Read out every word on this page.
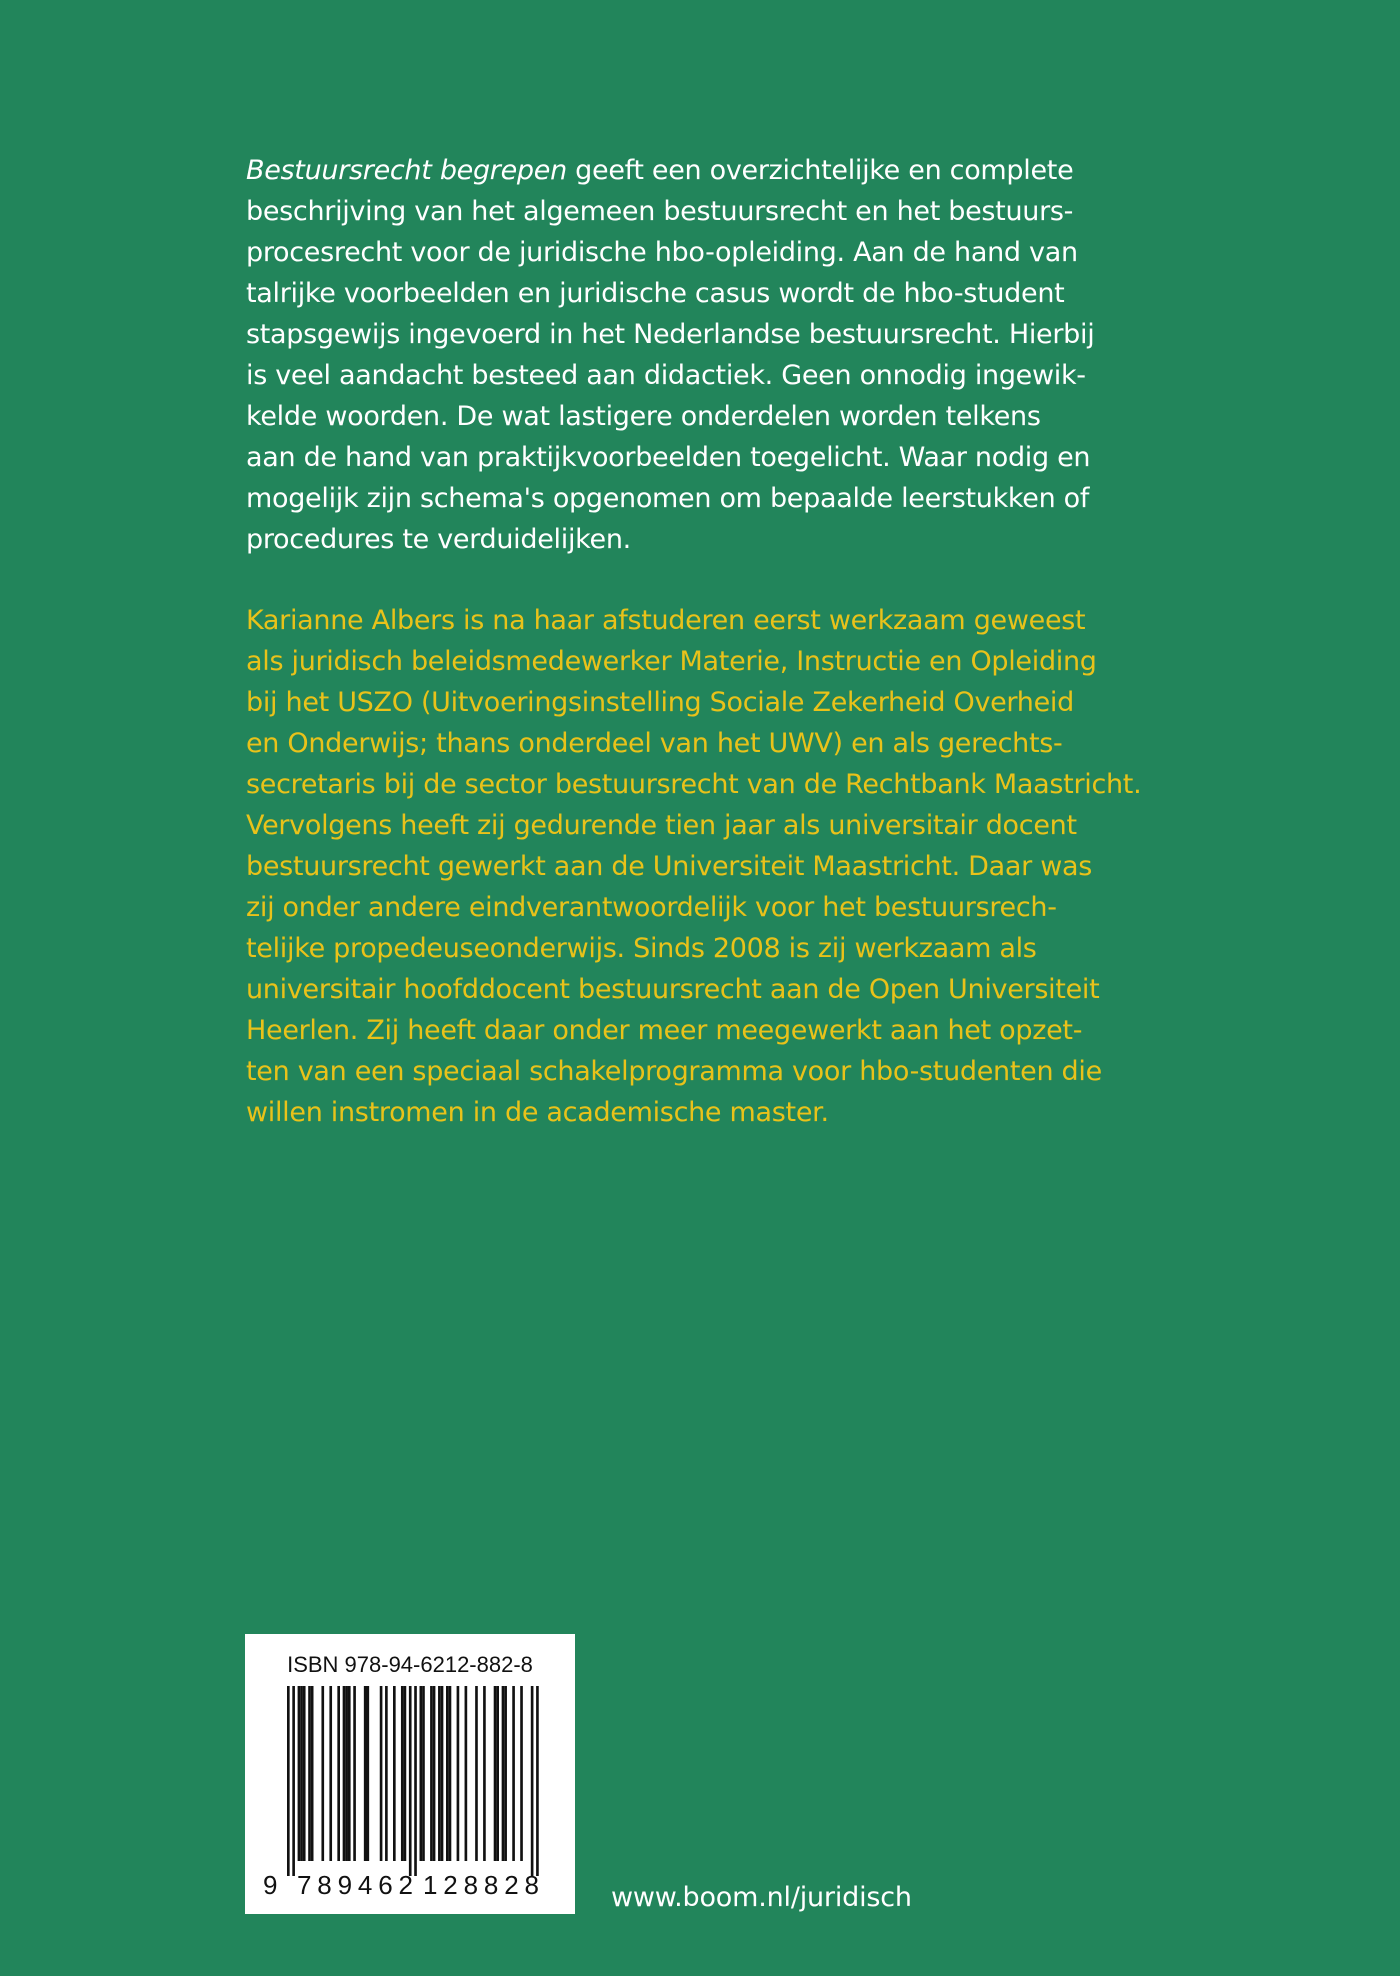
Bestuursrecht begrepen geeft een overzichtelijke en complete
beschrijving van het algemeen bestuursrecht en het bestuurs-
procesrecht voor de juridische hbo-opleiding. Aan de hand van
talrijke voorbeelden en juridische casus wordt de hbo-student
stapsgewijs ingevoerd in het Nederlandse bestuursrecht. Hierbij
is veel aandacht besteed aan didactiek. Geen onnodig ingewik-
kelde woorden. De wat lastigere onderdelen worden telkens
aan de hand van praktijkvoorbeelden toegelicht. Waar nodig en
mogelijk zijn schema's opgenomen om bepaalde leerstukken of
procedures te verduidelijken.

Karianne Albers is na haar afstuderen eerst werkzaam geweest
als juridisch beleidsmedewerker Materie, Instructie en Opleiding
bij het USZO (Uitvoeringsinstelling Sociale Zekerheid Overheid
en Onderwijs; thans onderdeel van het UWV) en als gerechts-
secretaris bij de sector bestuursrecht van de Rechtbank Maastricht.
Vervolgens heeft zij gedurende tien jaar als universitair docent
bestuursrecht gewerkt aan de Universiteit Maastricht. Daar was
zij onder andere eindverantwoordelijk voor het bestuursrech-
telijke propedeuseonderwijs. Sinds 2008 is zij werkzaam als
universitair hoofddocent bestuursrecht aan de Open Universiteit
Heerlen. Zij heeft daar onder meer meegewerkt aan het opzet-
ten van een speciaal schakelprogramma voor hbo-studenten die
willen instromen in de academische master.

ISBN 978-94-6212-882-8
9 789462 128828	www.boom.nl/juridisch
